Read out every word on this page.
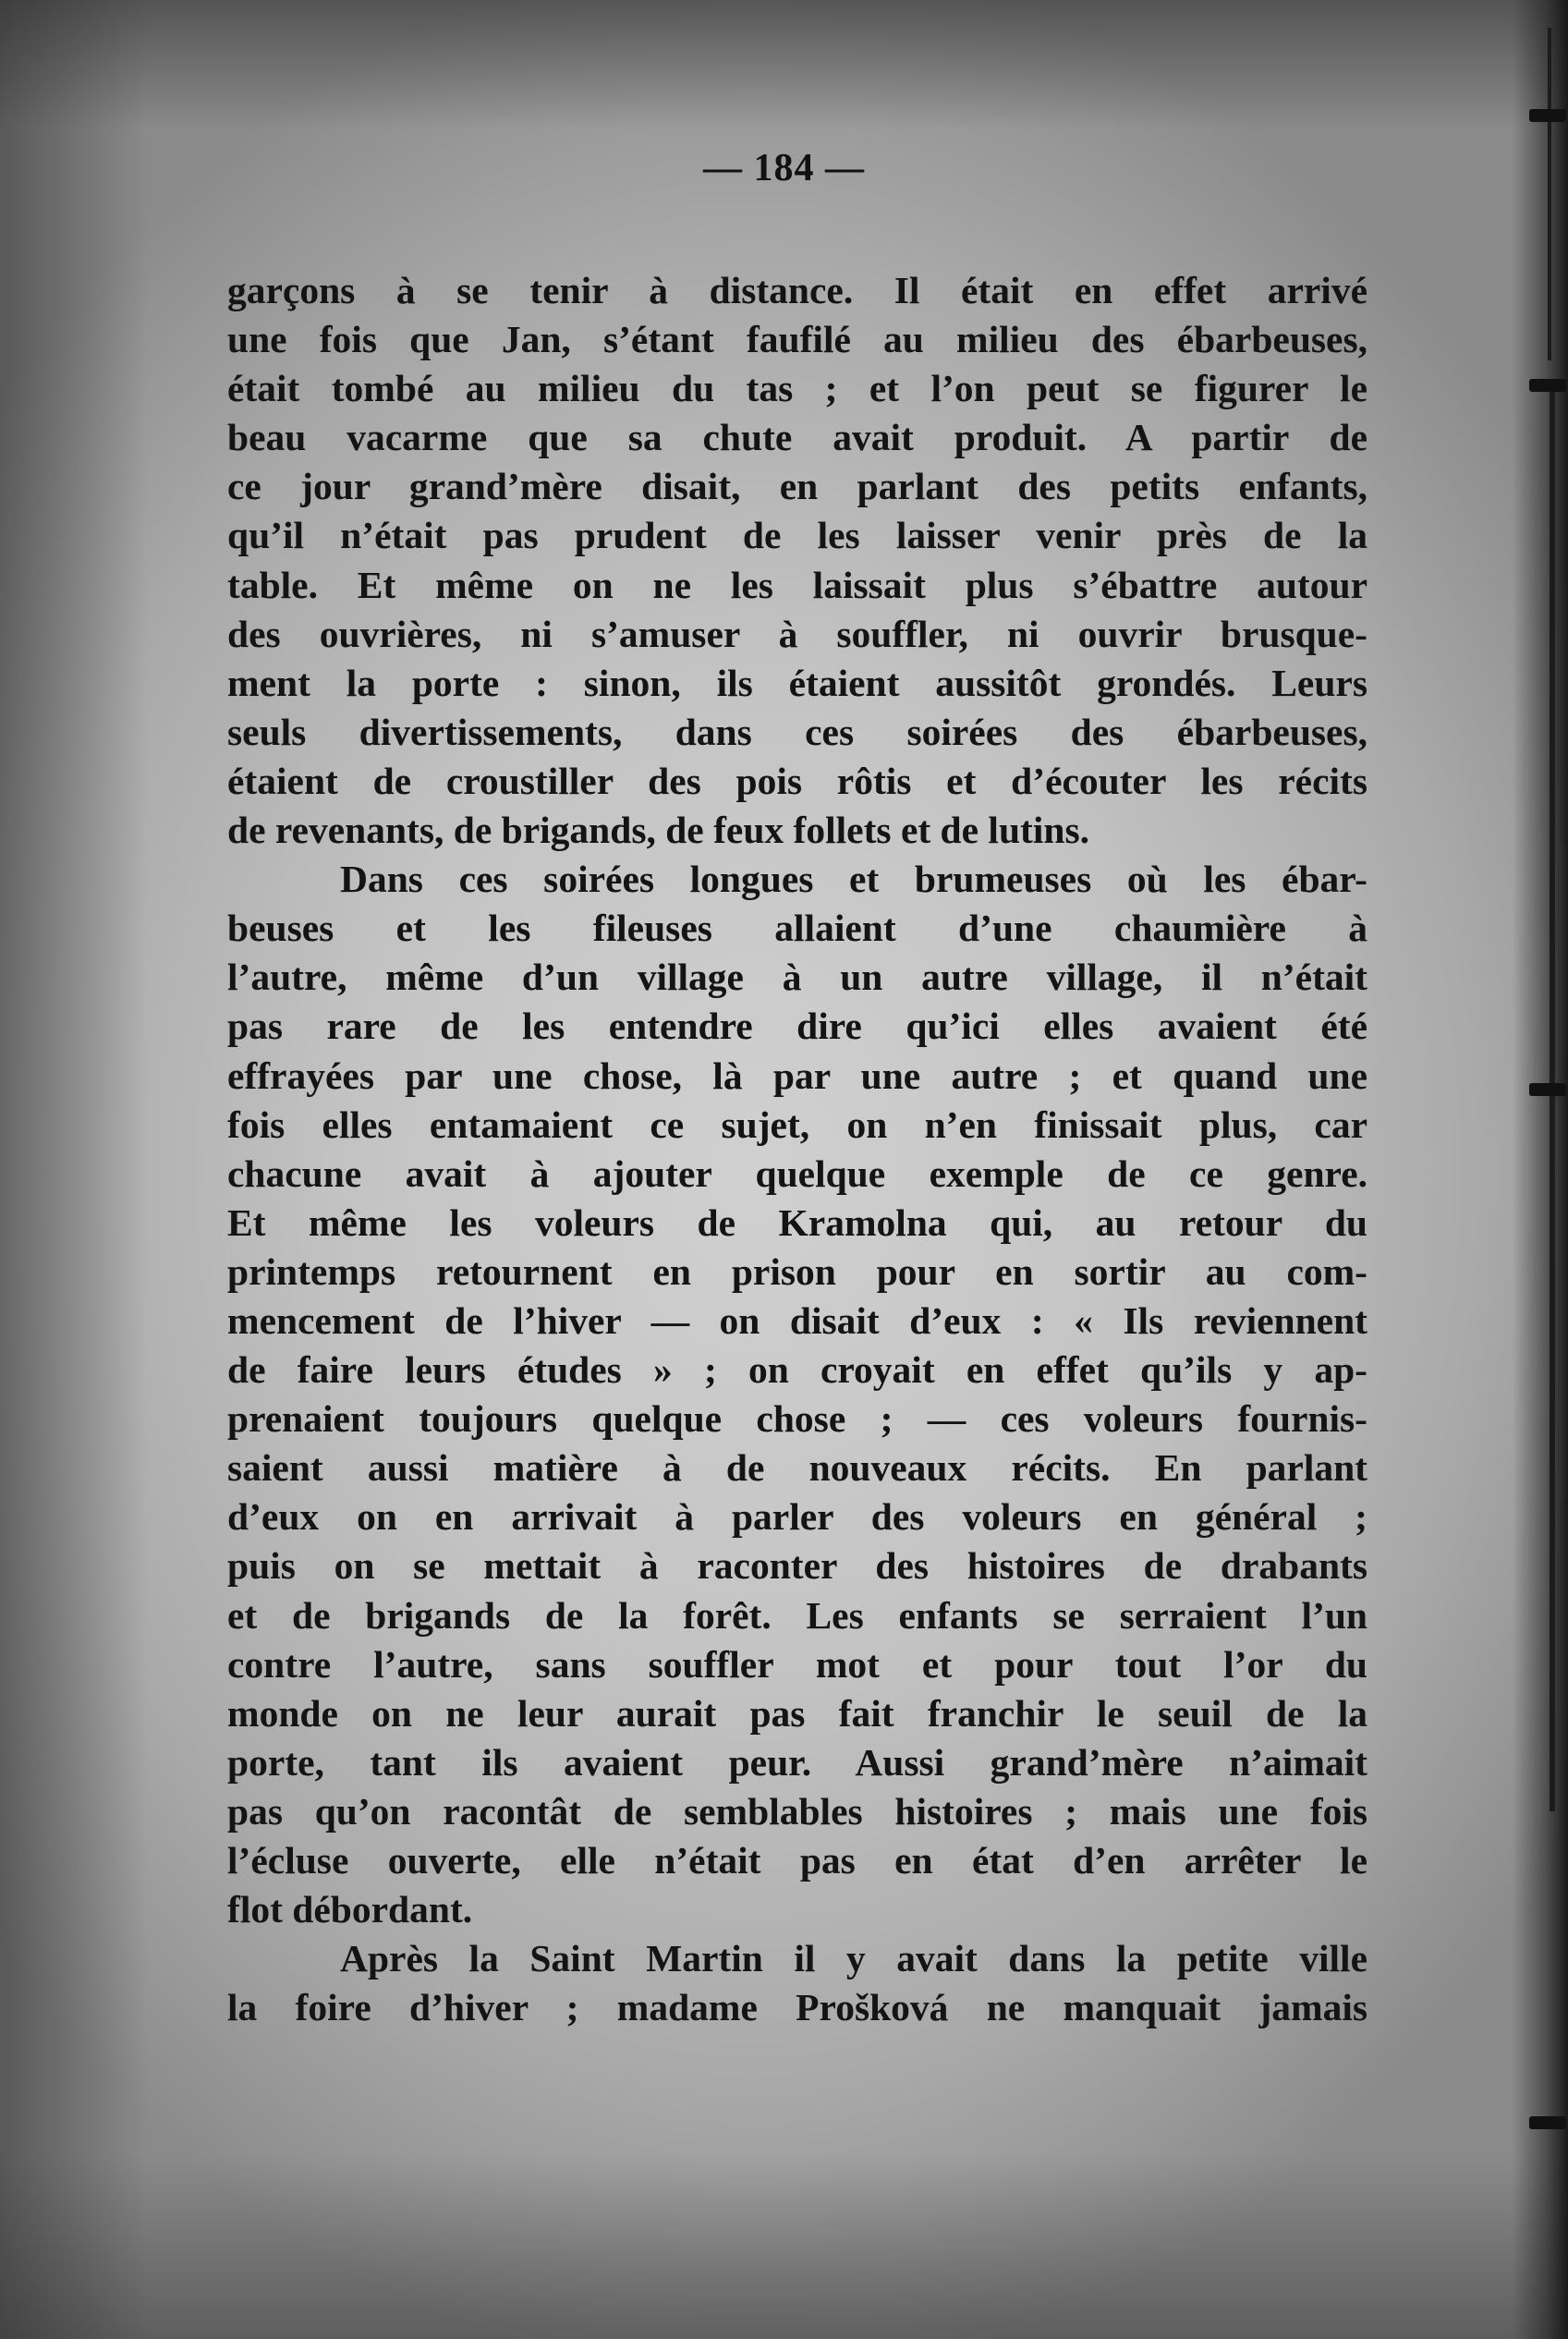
— 184 —
garçons à se tenir à distance. Il était en effet arrivé
une fois que Jan, s’étant faufilé au milieu des ébarbeuses,
était tombé au milieu du tas ; et l’on peut se figurer le
beau vacarme que sa chute avait produit. A partir de
ce jour grand’mère disait, en parlant des petits enfants,
qu’il n’était pas prudent de les laisser venir près de la
table. Et même on ne les laissait plus s’ébattre autour
des ouvrières, ni s’amuser à souffler, ni ouvrir brusque-
ment la porte : sinon, ils étaient aussitôt grondés. Leurs
seuls divertissements, dans ces soirées des ébarbeuses,
étaient de croustiller des pois rôtis et d’écouter les récits
de revenants, de brigands, de feux follets et de lutins.
Dans ces soirées longues et brumeuses où les ébar-
beuses et les fileuses allaient d’une chaumière à
l’autre, même d’un village à un autre village, il n’était
pas rare de les entendre dire qu’ici elles avaient été
effrayées par une chose, là par une autre ; et quand une
fois elles entamaient ce sujet, on n’en finissait plus, car
chacune avait à ajouter quelque exemple de ce genre.
Et même les voleurs de Kramolna qui, au retour du
printemps retournent en prison pour en sortir au com-
mencement de l’hiver — on disait d’eux : « Ils reviennent
de faire leurs études » ; on croyait en effet qu’ils y ap-
prenaient toujours quelque chose ; — ces voleurs fournis-
saient aussi matière à de nouveaux récits. En parlant
d’eux on en arrivait à parler des voleurs en général ;
puis on se mettait à raconter des histoires de drabants
et de brigands de la forêt. Les enfants se serraient l’un
contre l’autre, sans souffler mot et pour tout l’or du
monde on ne leur aurait pas fait franchir le seuil de la
porte, tant ils avaient peur. Aussi grand’mère n’aimait
pas qu’on racontât de semblables histoires ; mais une fois
l’écluse ouverte, elle n’était pas en état d’en arrêter le
flot débordant.
Après la Saint Martin il y avait dans la petite ville
la foire d’hiver ; madame Prošková ne manquait jamais
